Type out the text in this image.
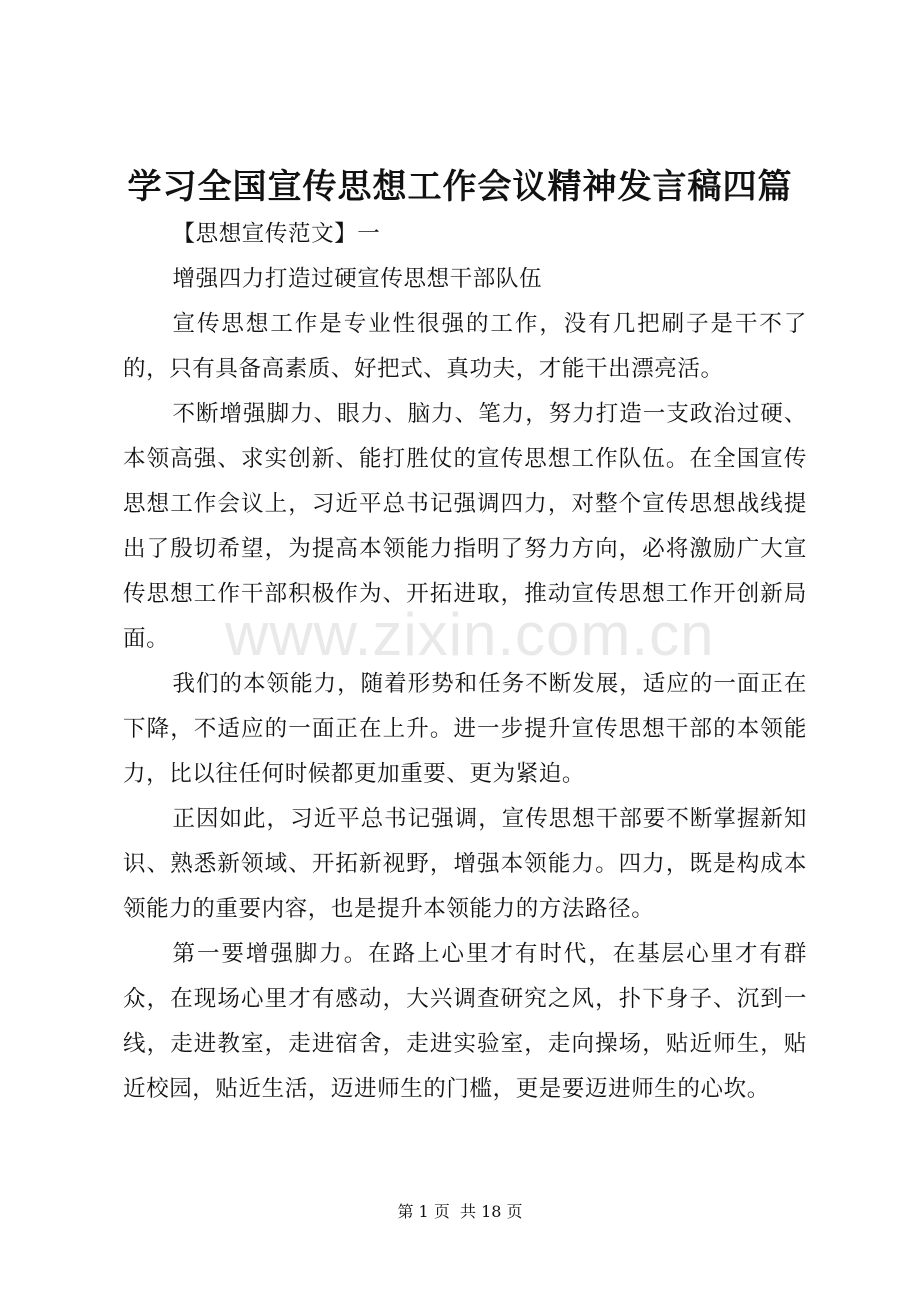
学习全国宣传思想工作会议精神发言稿四篇

【思想宣传范文】一

增强四力打造过硬宣传思想干部队伍

宣传思想工作是专业性很强的工作，没有几把刷子是干不了的，只有具备高素质、好把式、真功夫，才能干出漂亮活。

不断增强脚力、眼力、脑力、笔力，努力打造一支政治过硬、本领高强、求实创新、能打胜仗的宣传思想工作队伍。在全国宣传思想工作会议上，习近平总书记强调四力，对整个宣传思想战线提出了殷切希望，为提高本领能力指明了努力方向，必将激励广大宣传思想工作干部积极作为、开拓进取，推动宣传思想工作开创新局面。

我们的本领能力，随着形势和任务不断发展，适应的一面正在下降，不适应的一面正在上升。进一步提升宣传思想干部的本领能力，比以往任何时候都更加重要、更为紧迫。

正因如此，习近平总书记强调，宣传思想干部要不断掌握新知识、熟悉新领域、开拓新视野，增强本领能力。四力，既是构成本领能力的重要内容，也是提升本领能力的方法路径。

第一要增强脚力。在路上心里才有时代，在基层心里才有群众，在现场心里才有感动，大兴调查研究之风，扑下身子、沉到一线，走进教室，走进宿舍，走进实验室，走向操场，贴近师生，贴近校园，贴近生活，迈进师生的门槛，更是要迈进师生的心坎。

www.zixin.com.cn
第 1 页  共 18 页
